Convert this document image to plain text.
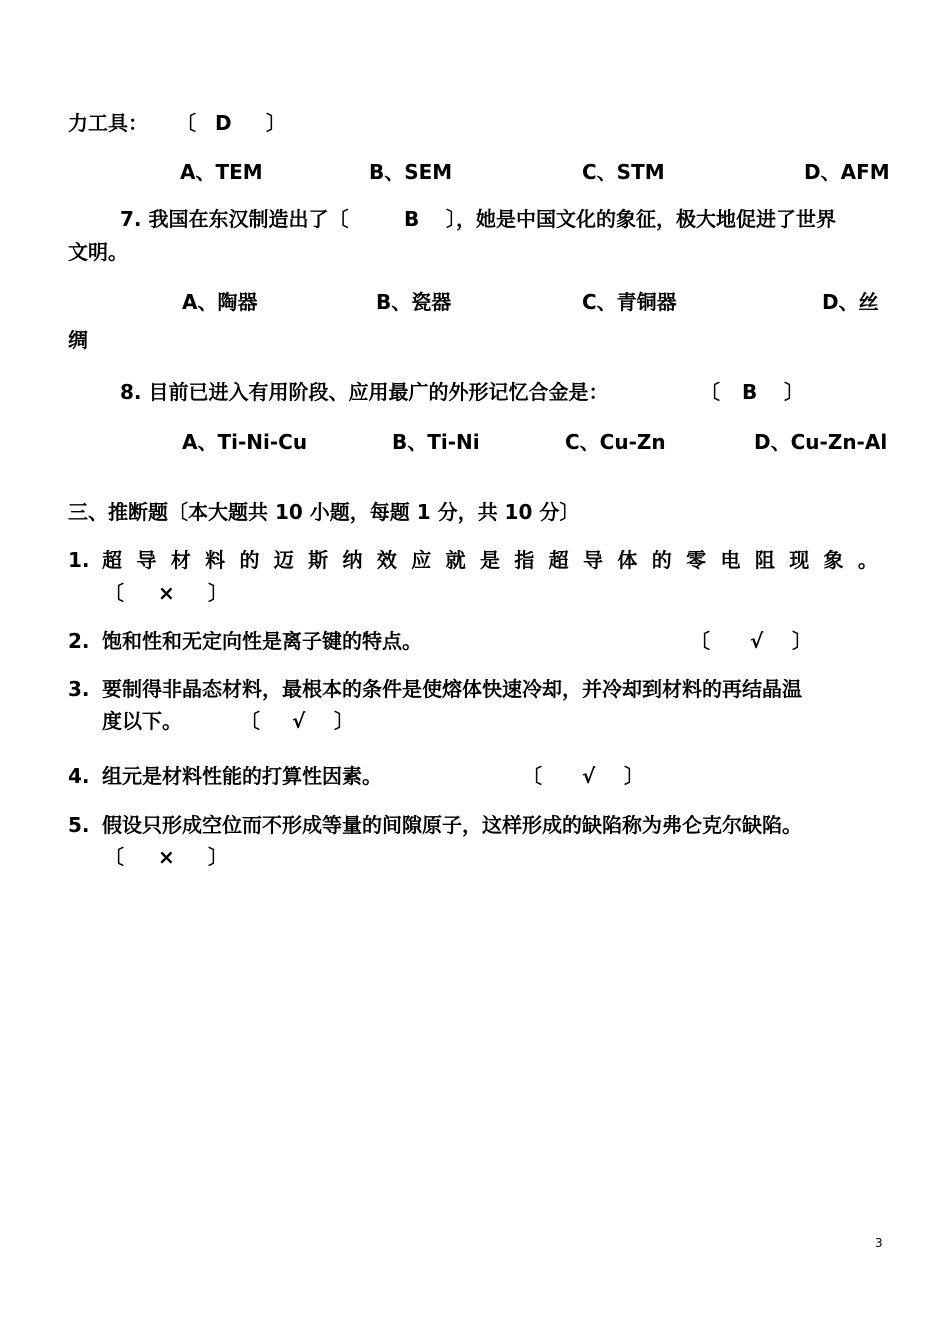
力工具： 〔 D 〕
A、TEM	B、SEM	C、STM	D、AFM
7. 我国在东汉制造出了〔	B 〕，她是中国文化的象征，极大地促进了世界
文明。
A、陶器	B、瓷器	C、青铜器	D、丝
绸
8. 目前已进入有用阶段、应用最广的外形记忆合金是：	〔 B 〕
A、Ti-Ni-Cu	B、Ti-Ni	C、Cu-Zn	D、Cu-Zn-Al
三、推断题〔本大题共 10 小题，每题 1 分，共 10 分〕
1. 超 导 材 料 的 迈 斯 纳 效 应 就 是 指 超 导 体 的 零 电 阻 现 象 。
〔 × 〕
2. 饱和性和无定向性是离子键的特点。	〔 √ 〕
3. 要制得非晶态材料，最根本的条件是使熔体快速冷却，并冷却到材料的再结晶温
度以下。	〔 √ 〕
4. 组元是材料性能的打算性因素。	〔 √ 〕
5. 假设只形成空位而不形成等量的间隙原子，这样形成的缺陷称为弗仑克尔缺陷。
〔 × 〕
3
